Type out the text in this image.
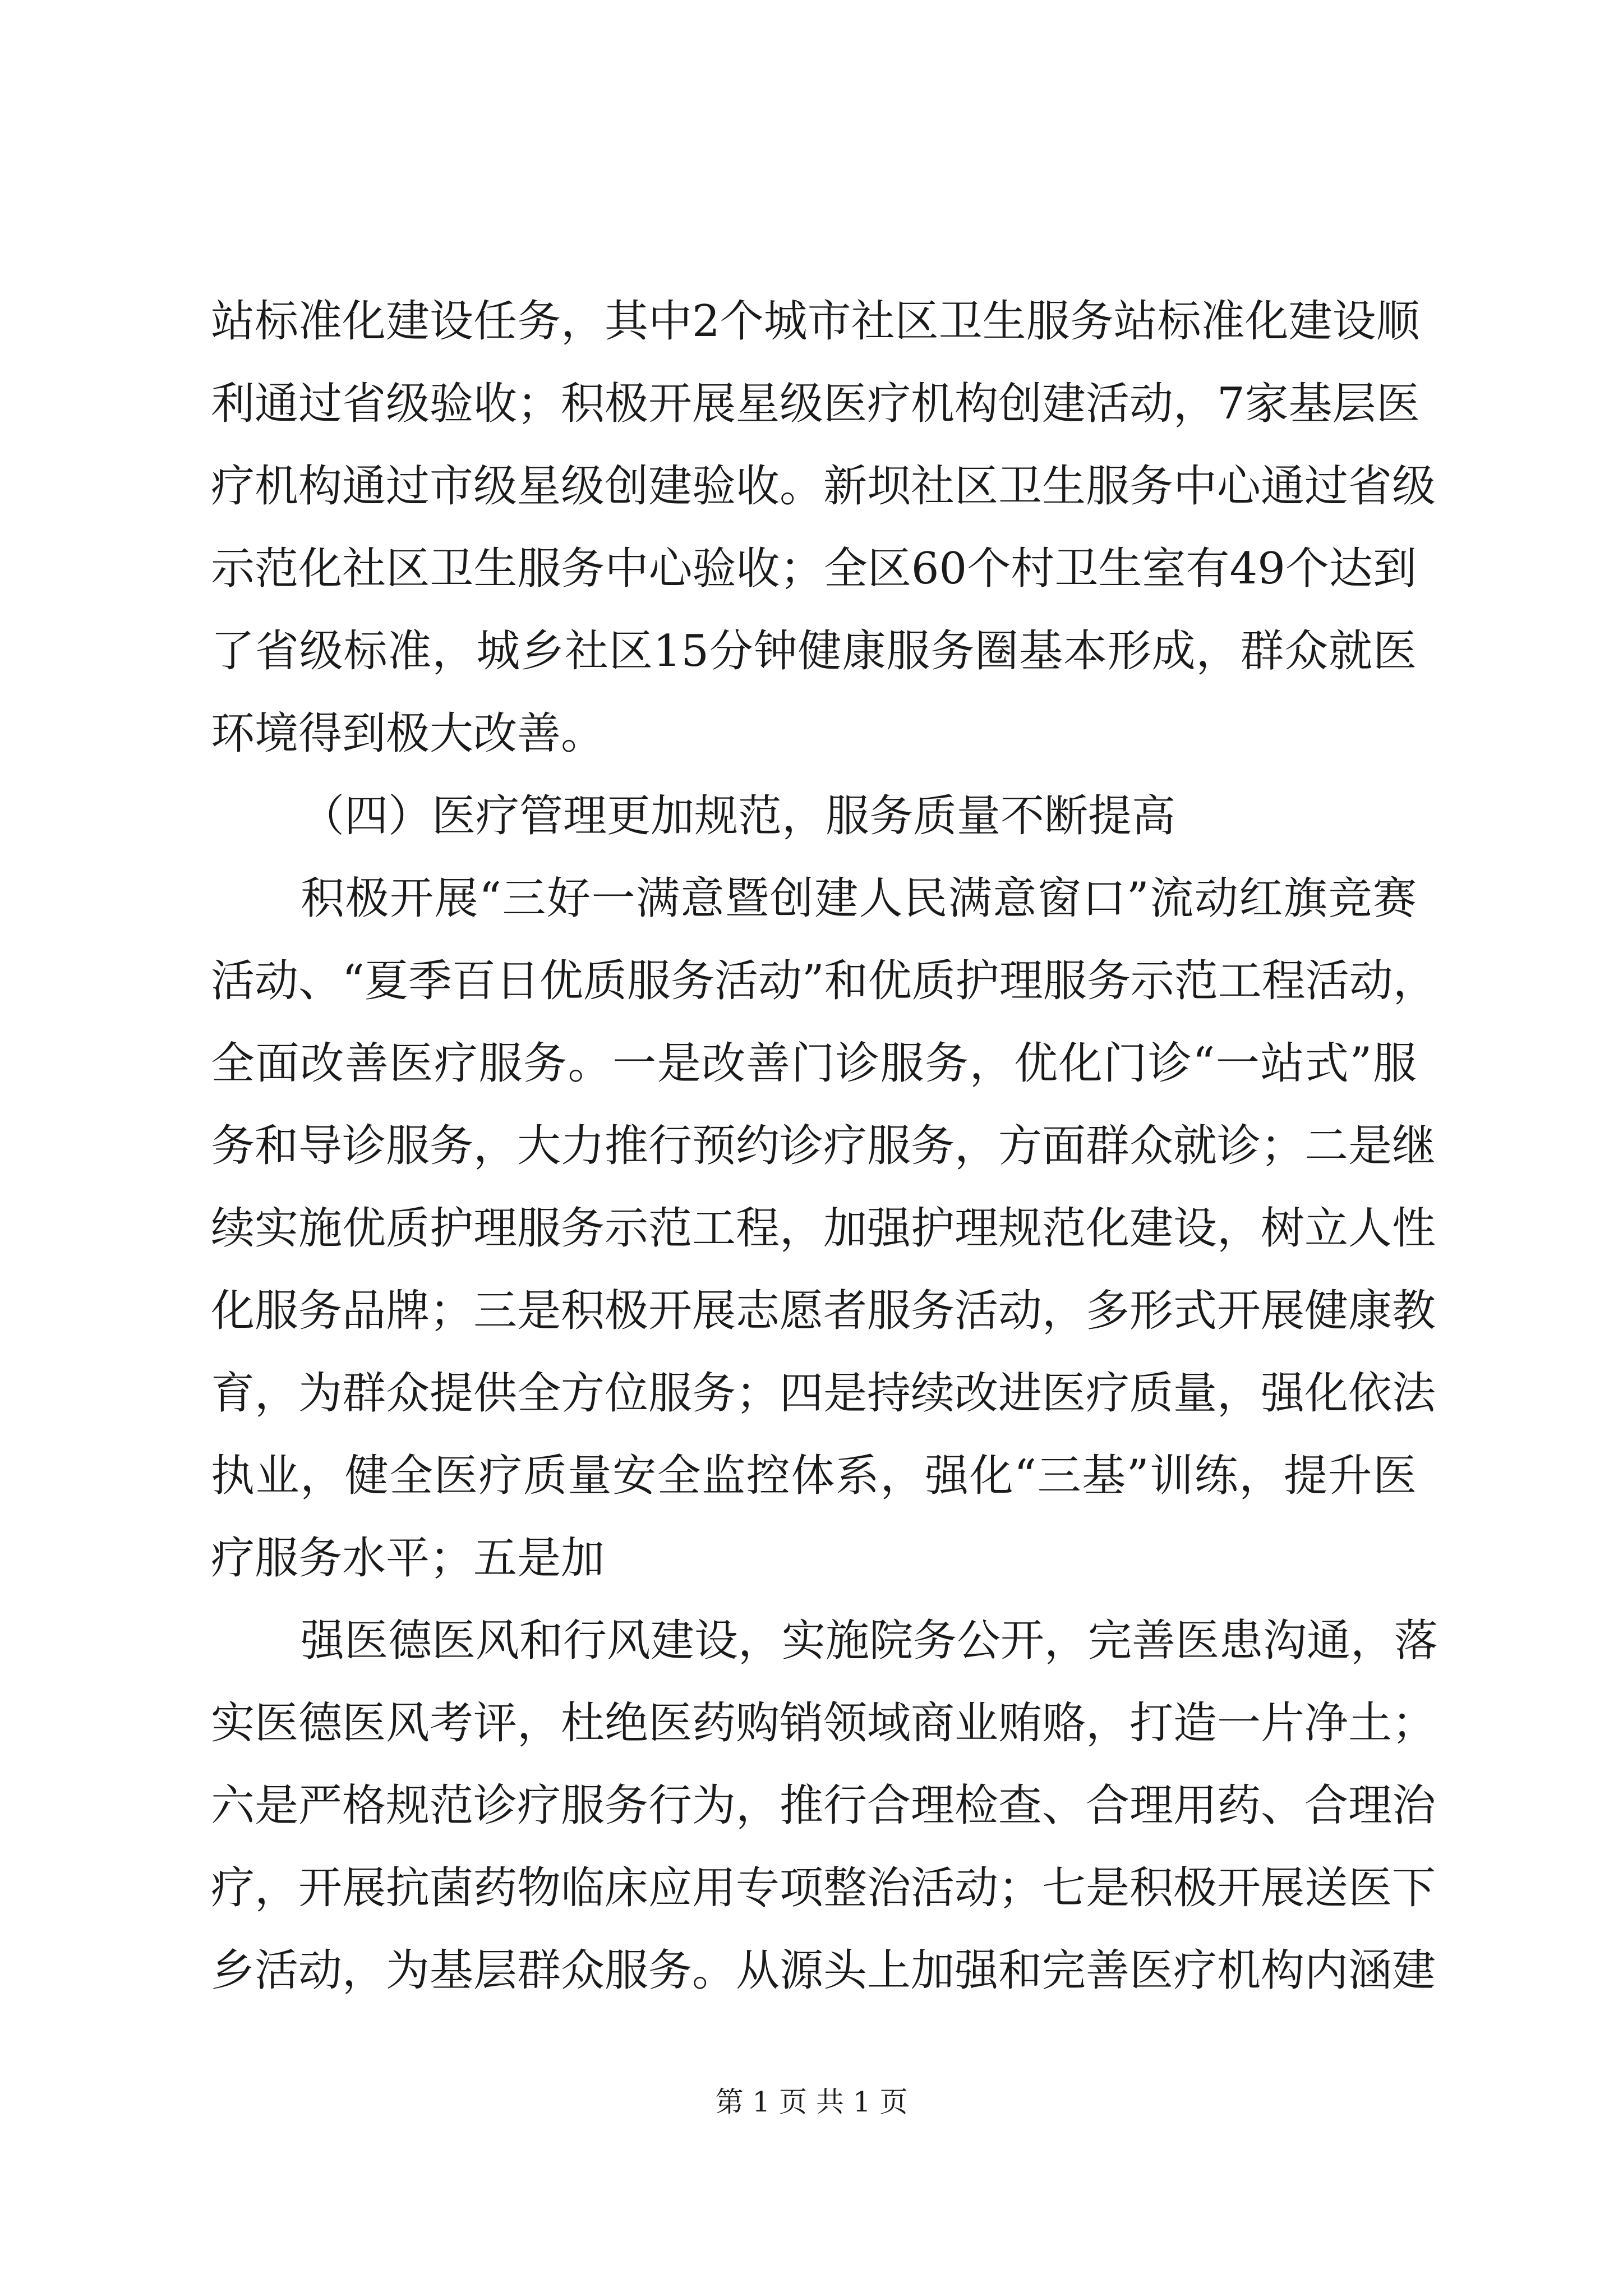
站标准化建设任务，其中2个城市社区卫生服务站标准化建设顺
利通过省级验收；积极开展星级医疗机构创建活动，7家基层医
疗机构通过市级星级创建验收。新坝社区卫生服务中心通过省级
示范化社区卫生服务中心验收；全区60个村卫生室有49个达到
了省级标准，城乡社区15分钟健康服务圈基本形成，群众就医
环境得到极大改善。
（四）医疗管理更加规范，服务质量不断提高
积极开展“三好一满意暨创建人民满意窗口”流动红旗竞赛
活动、“夏季百日优质服务活动”和优质护理服务示范工程活动，
全面改善医疗服务。一是改善门诊服务，优化门诊“一站式”服
务和导诊服务，大力推行预约诊疗服务，方面群众就诊；二是继
续实施优质护理服务示范工程，加强护理规范化建设，树立人性
化服务品牌；三是积极开展志愿者服务活动，多形式开展健康教
育，为群众提供全方位服务；四是持续改进医疗质量，强化依法
执业，健全医疗质量安全监控体系，强化“三基”训练，提升医
疗服务水平；五是加
强医德医风和行风建设，实施院务公开，完善医患沟通，落
实医德医风考评，杜绝医药购销领域商业贿赂，打造一片净土；
六是严格规范诊疗服务行为，推行合理检查、合理用药、合理治
疗，开展抗菌药物临床应用专项整治活动；七是积极开展送医下
乡活动，为基层群众服务。从源头上加强和完善医疗机构内涵建
第 1 页 共 1 页
